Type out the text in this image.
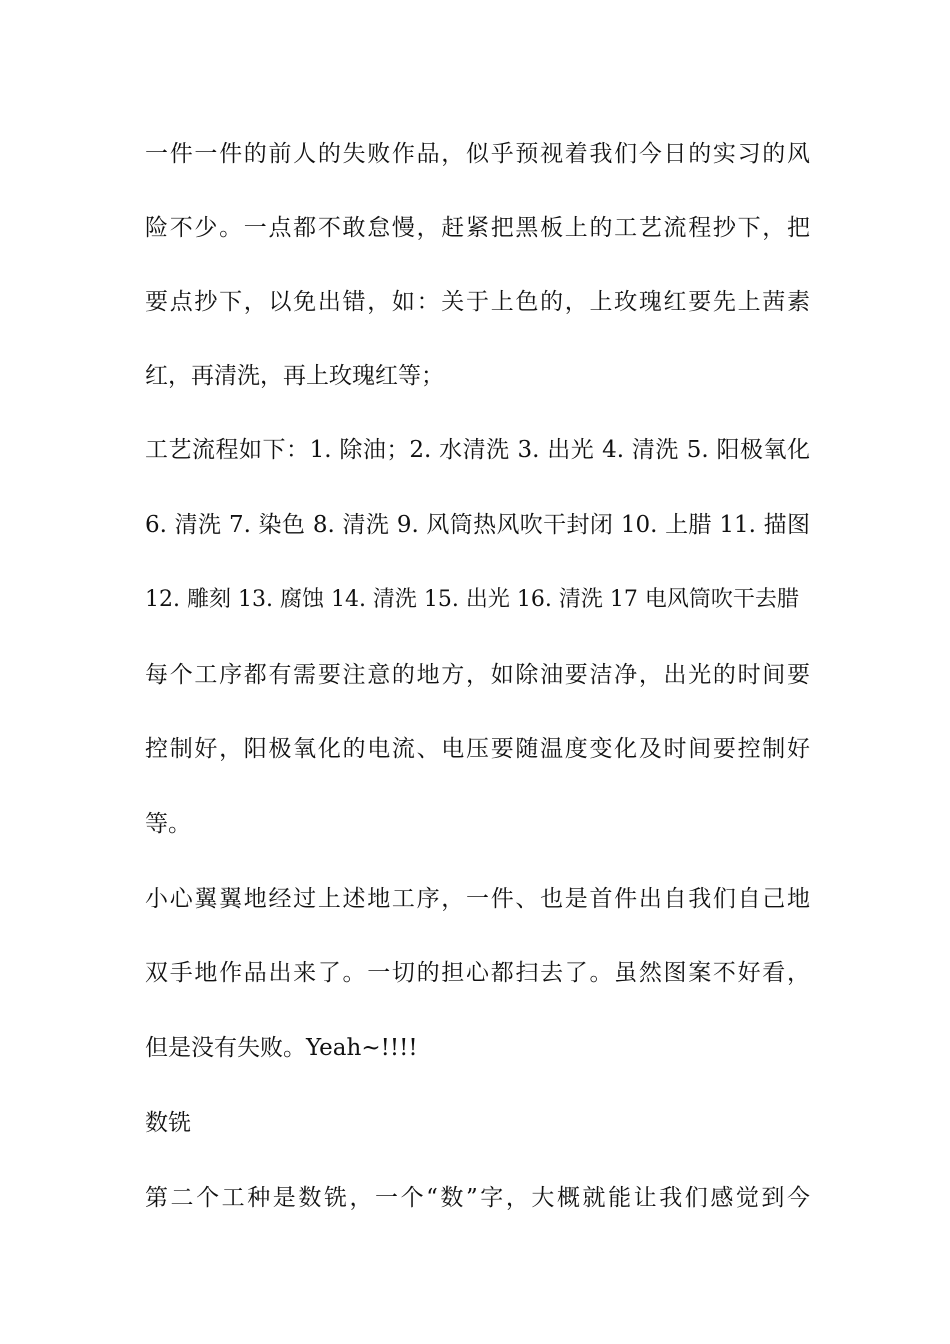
一件一件的前人的失败作品，似乎预视着我们今日的实习的风
险不少。一点都不敢怠慢，赶紧把黑板上的工艺流程抄下，把
要点抄下，以免出错，如：关于上色的，上玫瑰红要先上茜素
红，再清洗，再上玫瑰红等；
工艺流程如下：1. 除油；2. 水清洗 3. 出光 4. 清洗 5. 阳极氧化
6. 清洗 7. 染色 8. 清洗 9. 风筒热风吹干封闭 10. 上腊 11. 描图
12. 雕刻 13. 腐蚀 14. 清洗 15. 出光 16. 清洗 17 电风筒吹干去腊
每个工序都有需要注意的地方，如除油要洁净，出光的时间要
控制好，阳极氧化的电流、电压要随温度变化及时间要控制好
等。
小心翼翼地经过上述地工序，一件、也是首件出自我们自己地
双手地作品出来了。一切的担心都扫去了。虽然图案不好看，
但是没有失败。Yeah~!!!!
数铣
第二个工种是数铣，一个“数”字，大概就能让我们感觉到今
